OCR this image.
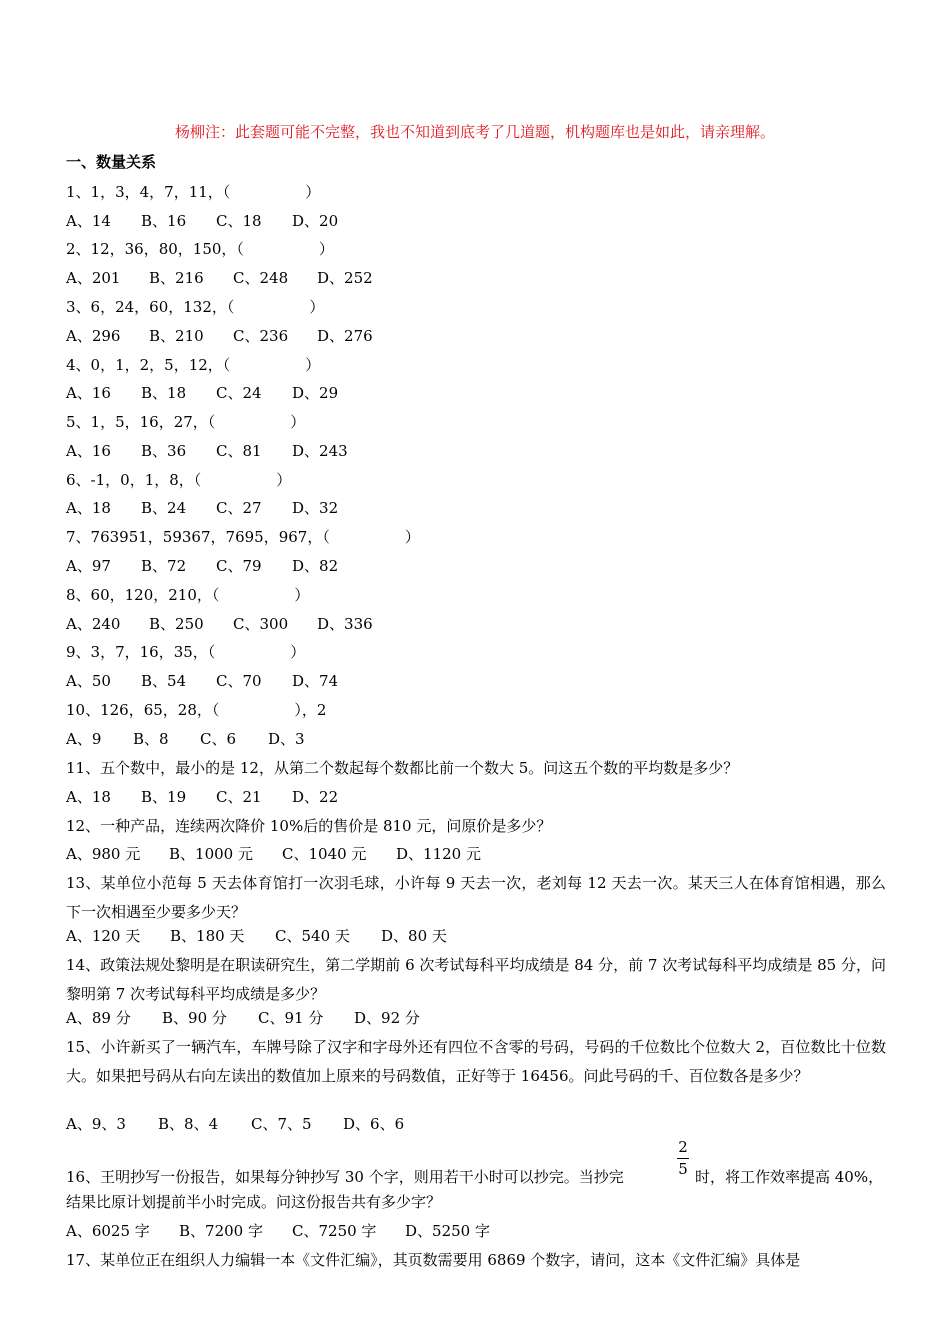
杨柳注：此套题可能不完整，我也不知道到底考了几道题，机构题库也是如此，请亲理解。
一、数量关系
1、1，3，4，7，11，（　　　　　）
A、14 B、16 C、18 D、20
2、12，36，80，150，（　　　　　）
A、201 B、216 C、248 D、252
3、6，24，60，132，（　　　　　）
A、296 B、210 C、236 D、276
4、0，1，2，5，12，（　　　　　）
A、16 B、18 C、24 D、29
5、1，5，16，27，（　　　　　）
A、16 B、36 C、81 D、243
6、-1，0，1，8，（　　　　　）
A、18 B、24 C、27 D、32
7、763951，59367，7695，967，（　　　　　）
A、97 B、72 C、79 D、82
8、60，120，210，（　　　　　）
A、240 B、250 C、300 D、336
9、3，7，16，35，（　　　　　）
A、50 B、54 C、70 D、74
10、126，65，28，（　　　　　），2
A、9 B、8 C、6 D、3
11、五个数中，最小的是 12，从第二个数起每个数都比前一个数大 5。问这五个数的平均数是多少？
A、18 B、19 C、21 D、22
12、一种产品，连续两次降价 10%后的售价是 810 元，问原价是多少？
A、980 元 B、1000 元 C、1040 元 D、1120 元
13、某单位小范每 5 天去体育馆打一次羽毛球，小许每 9 天去一次，老刘每 12 天去一次。某天三人在体育馆相遇，那么下一次相遇至少要多少天？
A、120 天 B、180 天 C、540 天 D、80 天
14、政策法规处黎明是在职读研究生，第二学期前 6 次考试每科平均成绩是 84 分，前 7 次考试每科平均成绩是 85 分，问黎明第 7 次考试每科平均成绩是多少？
A、89 分 B、90 分 C、91 分 D、92 分
15、小许新买了一辆汽车，车牌号除了汉字和字母外还有四位不含零的号码，号码的千位数比个位数大 2，百位数比十位数大。如果把号码从右向左读出的数值加上原来的号码数值，正好等于 16456。问此号码的千、百位数各是多少？
A、9、3 B、8、4 C、7、5 D、6、6
2
5
16、王明抄写一份报告，如果每分钟抄写 30 个字，则用若干小时可以抄完。当抄完	时，将工作效率提高 40%，
结果比原计划提前半小时完成。问这份报告共有多少字？
A、6025 字 B、7200 字 C、7250 字 D、5250 字
17、某单位正在组织人力编辑一本《文件汇编》，其页数需要用 6869 个数字，请问，这本《文件汇编》具体是
